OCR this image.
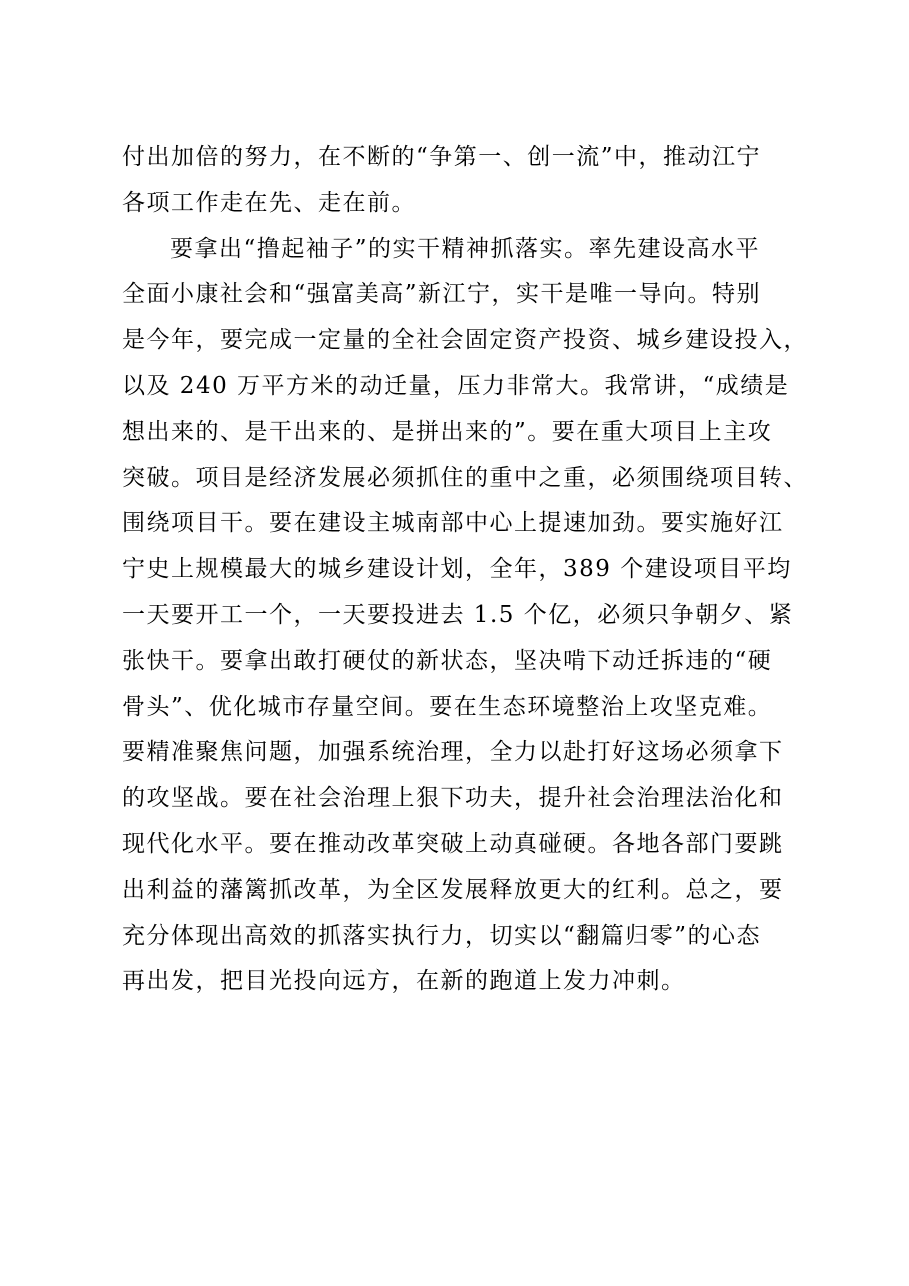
付出加倍的努力，在不断的“争第一、创一流”中，推动江宁
各项工作走在先、走在前。
要拿出“撸起袖子”的实干精神抓落实。率先建设高水平
全面小康社会和“强富美高”新江宁，实干是唯一导向。特别
是今年，要完成一定量的全社会固定资产投资、城乡建设投入，
以及 240 万平方米的动迁量，压力非常大。我常讲，“成绩是
想出来的、是干出来的、是拼出来的”。要在重大项目上主攻
突破。项目是经济发展必须抓住的重中之重，必须围绕项目转、
围绕项目干。要在建设主城南部中心上提速加劲。要实施好江
宁史上规模最大的城乡建设计划，全年，389 个建设项目平均
一天要开工一个，一天要投进去 1.5 个亿，必须只争朝夕、紧
张快干。要拿出敢打硬仗的新状态，坚决啃下动迁拆违的“硬
骨头”、优化城市存量空间。要在生态环境整治上攻坚克难。
要精准聚焦问题，加强系统治理，全力以赴打好这场必须拿下
的攻坚战。要在社会治理上狠下功夫，提升社会治理法治化和
现代化水平。要在推动改革突破上动真碰硬。各地各部门要跳
出利益的藩篱抓改革，为全区发展释放更大的红利。总之，要
充分体现出高效的抓落实执行力，切实以“翻篇归零”的心态
再出发，把目光投向远方，在新的跑道上发力冲刺。
